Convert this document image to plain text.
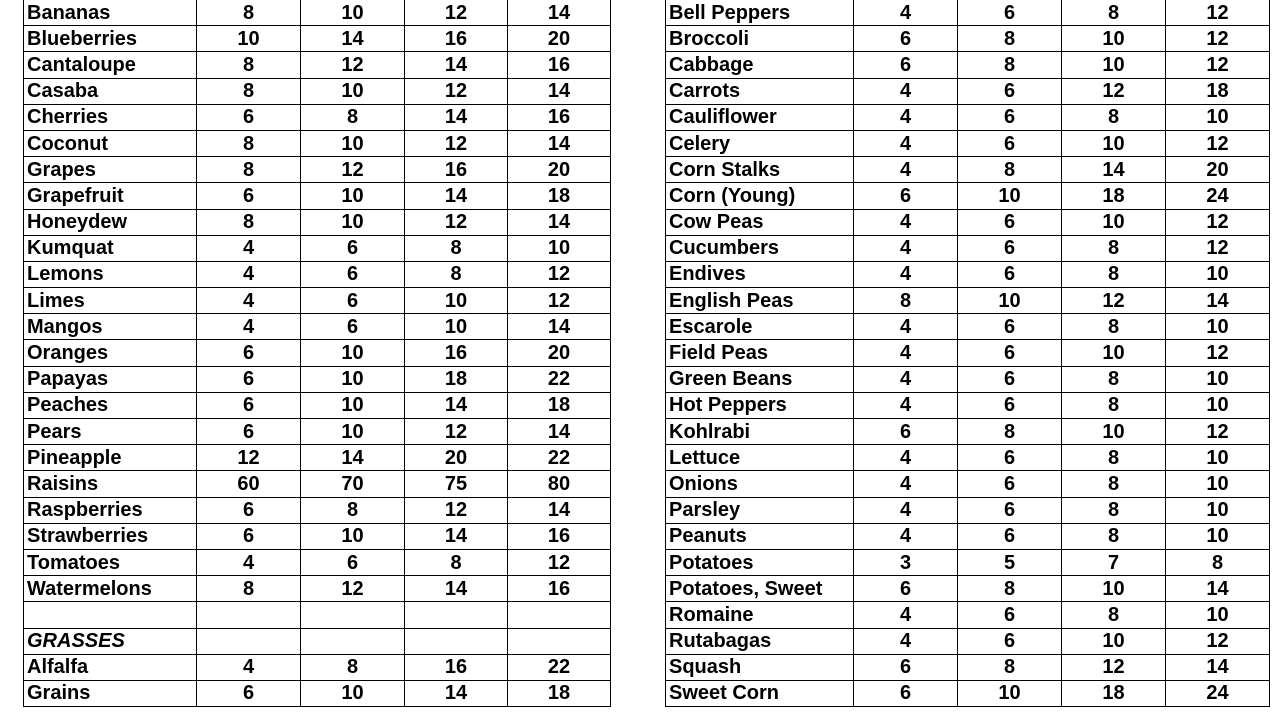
Bananas	8	10	12	14
Blueberries	10	14	16	20
Cantaloupe	8	12	14	16
Casaba	8	10	12	14
Cherries	6	8	14	16
Coconut	8	10	12	14
Grapes	8	12	16	20
Grapefruit	6	10	14	18
Honeydew	8	10	12	14
Kumquat	4	6	8	10
Lemons	4	6	8	12
Limes	4	6	10	12
Mangos	4	6	10	14
Oranges	6	10	16	20
Papayas	6	10	18	22
Peaches	6	10	14	18
Pears	6	10	12	14
Pineapple	12	14	20	22
Raisins	60	70	75	80
Raspberries	6	8	12	14
Strawberries	6	10	14	16
Tomatoes	4	6	8	12
Watermelons	8	12	14	16

GRASSES				
Alfalfa	4	8	16	22
Grains	6	10	14	18
Bell Peppers	4	6	8	12
Broccoli	6	8	10	12
Cabbage	6	8	10	12
Carrots	4	6	12	18
Cauliflower	4	6	8	10
Celery	4	6	10	12
Corn Stalks	4	8	14	20
Corn (Young)	6	10	18	24
Cow Peas	4	6	10	12
Cucumbers	4	6	8	12
Endives	4	6	8	10
English Peas	8	10	12	14
Escarole	4	6	8	10
Field Peas	4	6	10	12
Green Beans	4	6	8	10
Hot Peppers	4	6	8	10
Kohlrabi	6	8	10	12
Lettuce	4	6	8	10
Onions	4	6	8	10
Parsley	4	6	8	10
Peanuts	4	6	8	10
Potatoes	3	5	7	8
Potatoes, Sweet	6	8	10	14
Romaine	4	6	8	10
Rutabagas	4	6	10	12
Squash	6	8	12	14
Sweet Corn	6	10	18	24
